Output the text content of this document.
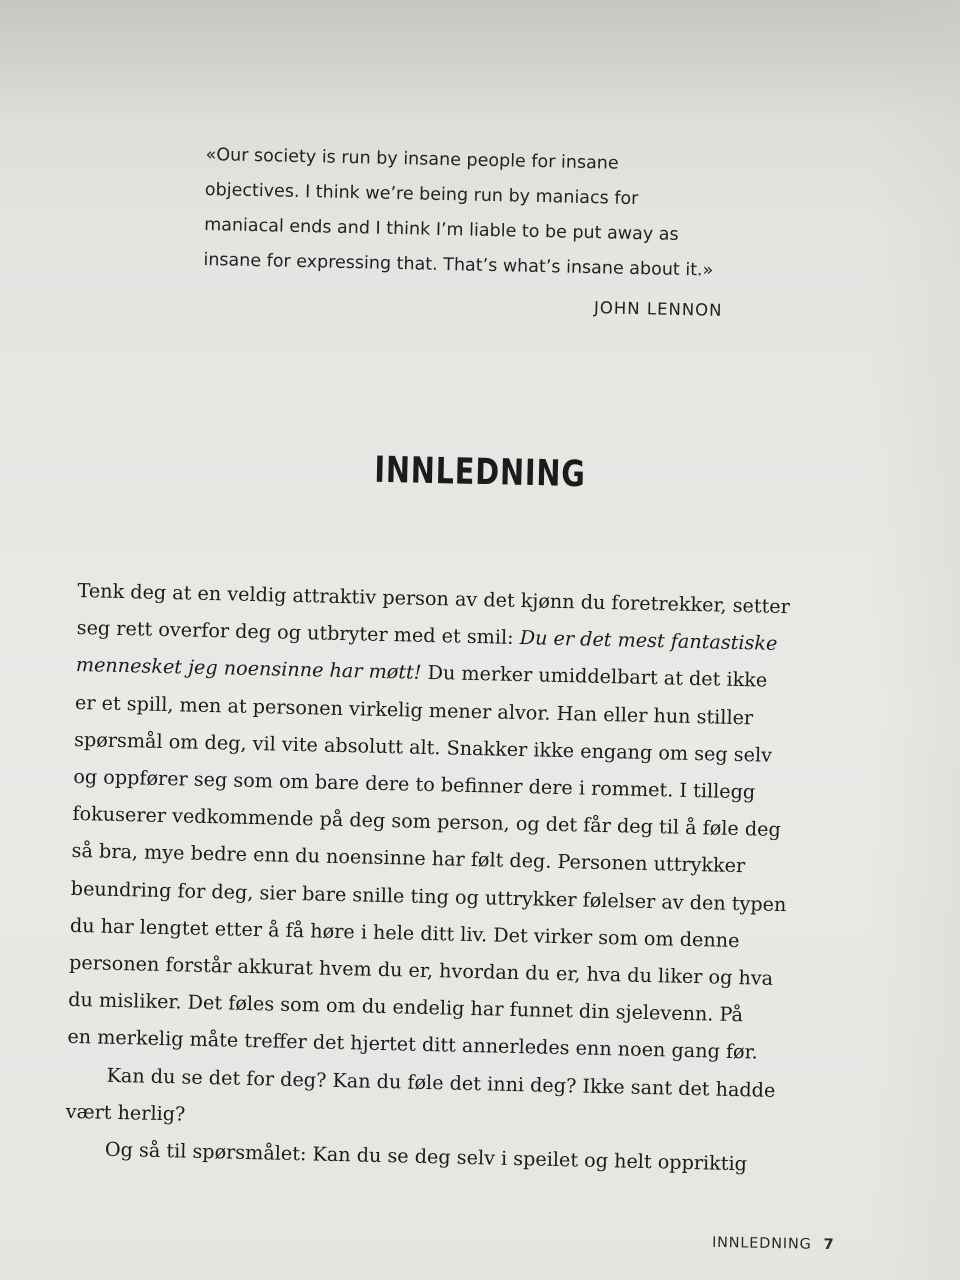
«Our society is run by insane people for insane
objectives. I think we’re being run by maniacs for
maniacal ends and I think I’m liable to be put away as
insane for expressing that. That’s what’s insane about it.»

JOHN LENNON
INNLEDNING
Tenk deg at en veldig attraktiv person av det kjønn du foretrekker, setter
seg rett overfor deg og utbryter med et smil: Du er det mest fantastiske
mennesket jeg noensinne har møtt! Du merker umiddelbart at det ikke
er et spill, men at personen virkelig mener alvor. Han eller hun stiller
spørsmål om deg, vil vite absolutt alt. Snakker ikke engang om seg selv
og oppfører seg som om bare dere to befinner dere i rommet. I tillegg
fokuserer vedkommende på deg som person, og det får deg til å føle deg
så bra, mye bedre enn du noensinne har følt deg. Personen uttrykker
beundring for deg, sier bare snille ting og uttrykker følelser av den typen
du har lengtet etter å få høre i hele ditt liv. Det virker som om denne
personen forstår akkurat hvem du er, hvordan du er, hva du liker og hva
du misliker. Det føles som om du endelig har funnet din sjelevenn. På
en merkelig måte treffer det hjertet ditt annerledes enn noen gang før.
Kan du se det for deg? Kan du føle det inni deg? Ikke sant det hadde
vært herlig?
Og så til spørsmålet: Kan du se deg selv i speilet og helt oppriktig
INNLEDNING 7
